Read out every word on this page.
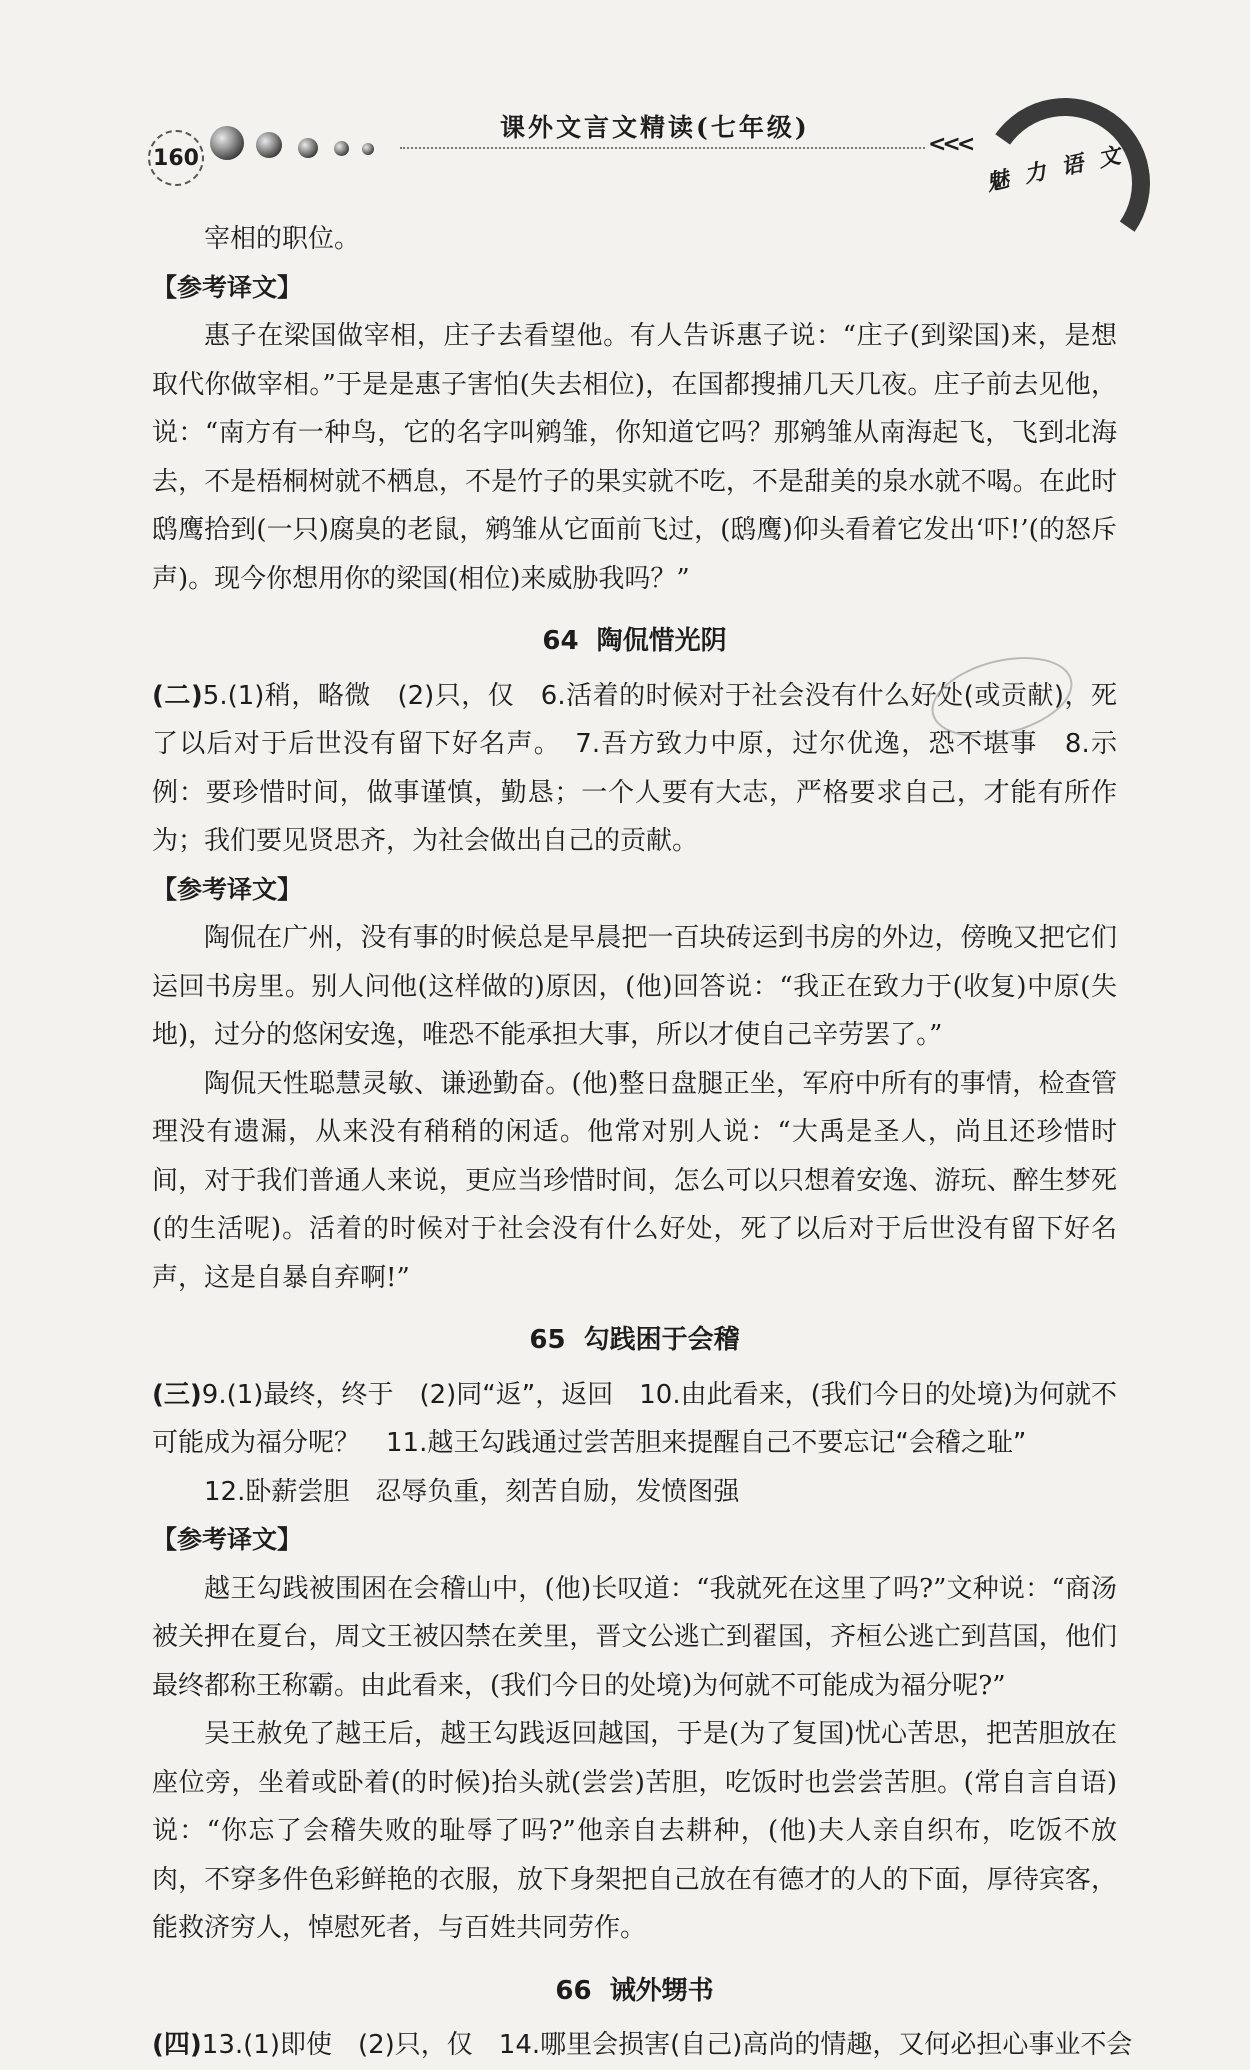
160
课外文言文精读(七年级)
<<< 魅力语文

宰相的职位。

【参考译文】

惠子在梁国做宰相，庄子去看望他。有人告诉惠子说：“庄子(到梁国)来，是想取代你做宰相。”于是是惠子害怕(失去相位)，在国都搜捕几天几夜。庄子前去见他，说：“南方有一种鸟，它的名字叫鹓雏，你知道它吗？那鹓雏从南海起飞，飞到北海去，不是梧桐树就不栖息，不是竹子的果实就不吃，不是甜美的泉水就不喝。在此时鸱鹰拾到(一只)腐臭的老鼠，鹓雏从它面前飞过，(鸱鹰)仰头看着它发出‘吓!’(的怒斥声)。现今你想用你的梁国(相位)来威胁我吗？”

64 陶侃惜光阴

(二)5.(1)稍，略微　(2)只，仅　6.活着的时候对于社会没有什么好处(或贡献)，死了以后对于后世没有留下好名声。　7.吾方致力中原，过尔优逸，恐不堪事　8.示例：要珍惜时间，做事谨慎，勤恳；一个人要有大志，严格要求自己，才能有所作为；我们要见贤思齐，为社会做出自己的贡献。

【参考译文】

陶侃在广州，没有事的时候总是早晨把一百块砖运到书房的外边，傍晚又把它们运回书房里。别人问他(这样做的)原因，(他)回答说：“我正在致力于(收复)中原(失地)，过分的悠闲安逸，唯恐不能承担大事，所以才使自己辛劳罢了。”

陶侃天性聪慧灵敏、谦逊勤奋。(他)整日盘腿正坐，军府中所有的事情，检查管理没有遗漏，从来没有稍稍的闲适。他常对别人说：“大禹是圣人，尚且还珍惜时间，对于我们普通人来说，更应当珍惜时间，怎么可以只想着安逸、游玩、醉生梦死(的生活呢)。活着的时候对于社会没有什么好处，死了以后对于后世没有留下好名声，这是自暴自弃啊!”

65 勾践困于会稽

(三)9.(1)最终，终于　(2)同“返”，返回　10.由此看来，(我们今日的处境)为何就不可能成为福分呢？　11.越王勾践通过尝苦胆来提醒自己不要忘记“会稽之耻”

12.卧薪尝胆　忍辱负重，刻苦自励，发愤图强

【参考译文】

越王勾践被围困在会稽山中，(他)长叹道：“我就死在这里了吗?”文种说：“商汤被关押在夏台，周文王被囚禁在羑里，晋文公逃亡到翟国，齐桓公逃亡到莒国，他们最终都称王称霸。由此看来，(我们今日的处境)为何就不可能成为福分呢?”

吴王赦免了越王后，越王勾践返回越国，于是(为了复国)忧心苦思，把苦胆放在座位旁，坐着或卧着(的时候)抬头就(尝尝)苦胆，吃饭时也尝尝苦胆。(常自言自语)说：“你忘了会稽失败的耻辱了吗?”他亲自去耕种，(他)夫人亲自织布，吃饭不放肉，不穿多件色彩鲜艳的衣服，放下身架把自己放在有德才的人的下面，厚待宾客，能救济穷人，悼慰死者，与百姓共同劳作。

66 诫外甥书

(四)13.(1)即使　(2)只，仅　14.哪里会损害(自己)高尚的情趣，又何必担心事业不会
